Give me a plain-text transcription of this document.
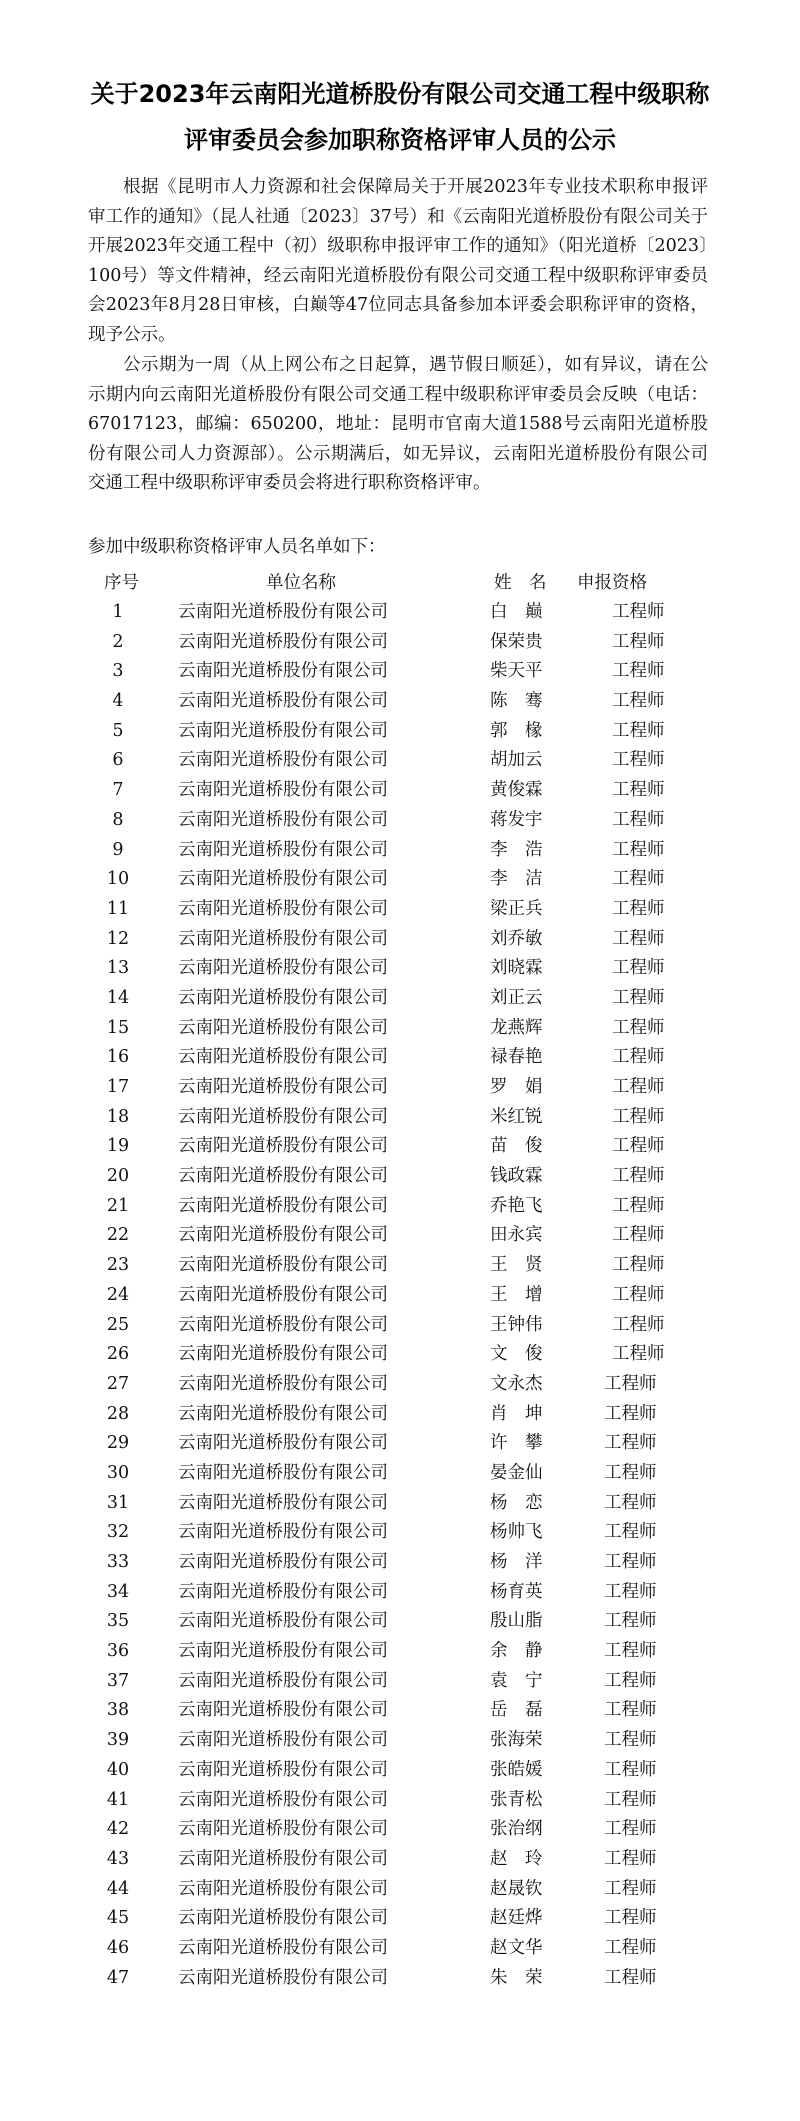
关于2023年云南阳光道桥股份有限公司交通工程中级职称
评审委员会参加职称资格评审人员的公示

根据《昆明市人力资源和社会保障局关于开展2023年专业技术职称申报评审工作的通知》（昆人社通〔2023〕37号）和《云南阳光道桥股份有限公司关于开展2023年交通工程中（初）级职称申报评审工作的通知》（阳光道桥〔2023〕100号）等文件精神，经云南阳光道桥股份有限公司交通工程中级职称评审委员会2023年8月28日审核，白巅等47位同志具备参加本评委会职称评审的资格，现予公示。

公示期为一周（从上网公布之日起算，遇节假日顺延），如有异议，请在公示期内向云南阳光道桥股份有限公司交通工程中级职称评审委员会反映（电话：67017123，邮编：650200，地址：昆明市官南大道1588号云南阳光道桥股份有限公司人力资源部）。公示期满后，如无异议，云南阳光道桥股份有限公司交通工程中级职称评审委员会将进行职称资格评审。

参加中级职称资格评审人员名单如下：

序号	单位名称	姓　名 申报资格
1	云南阳光道桥股份有限公司	白　巅	工程师
2	云南阳光道桥股份有限公司	保荣贵	工程师
3	云南阳光道桥股份有限公司	柴天平	工程师
4	云南阳光道桥股份有限公司	陈　骞	工程师
5	云南阳光道桥股份有限公司	郭　椽	工程师
6	云南阳光道桥股份有限公司	胡加云	工程师
7	云南阳光道桥股份有限公司	黄俊霖	工程师
8	云南阳光道桥股份有限公司	蒋发宇	工程师
9	云南阳光道桥股份有限公司	李　浩	工程师
10	云南阳光道桥股份有限公司	李　洁	工程师
11	云南阳光道桥股份有限公司	梁正兵	工程师
12	云南阳光道桥股份有限公司	刘乔敏	工程师
13	云南阳光道桥股份有限公司	刘晓霖	工程师
14	云南阳光道桥股份有限公司	刘正云	工程师
15	云南阳光道桥股份有限公司	龙燕辉	工程师
16	云南阳光道桥股份有限公司	禄春艳	工程师
17	云南阳光道桥股份有限公司	罗　娟	工程师
18	云南阳光道桥股份有限公司	米红锐	工程师
19	云南阳光道桥股份有限公司	苗　俊	工程师
20	云南阳光道桥股份有限公司	钱政霖	工程师
21	云南阳光道桥股份有限公司	乔艳飞	工程师
22	云南阳光道桥股份有限公司	田永宾	工程师
23	云南阳光道桥股份有限公司	王　贤	工程师
24	云南阳光道桥股份有限公司	王　增	工程师
25	云南阳光道桥股份有限公司	王钟伟	工程师
26	云南阳光道桥股份有限公司	文　俊	工程师
27	云南阳光道桥股份有限公司	文永杰	工程师
28	云南阳光道桥股份有限公司	肖　坤	工程师
29	云南阳光道桥股份有限公司	许　攀	工程师
30	云南阳光道桥股份有限公司	晏金仙	工程师
31	云南阳光道桥股份有限公司	杨　恋	工程师
32	云南阳光道桥股份有限公司	杨帅飞	工程师
33	云南阳光道桥股份有限公司	杨　洋	工程师
34	云南阳光道桥股份有限公司	杨育英	工程师
35	云南阳光道桥股份有限公司	殷山脂	工程师
36	云南阳光道桥股份有限公司	余　静	工程师
37	云南阳光道桥股份有限公司	袁　宁	工程师
38	云南阳光道桥股份有限公司	岳　磊	工程师
39	云南阳光道桥股份有限公司	张海荣	工程师
40	云南阳光道桥股份有限公司	张皓媛	工程师
41	云南阳光道桥股份有限公司	张青松	工程师
42	云南阳光道桥股份有限公司	张治纲	工程师
43	云南阳光道桥股份有限公司	赵　玲	工程师
44	云南阳光道桥股份有限公司	赵晟钦	工程师
45	云南阳光道桥股份有限公司	赵廷烨	工程师
46	云南阳光道桥股份有限公司	赵文华	工程师
47	云南阳光道桥股份有限公司	朱　荣	工程师
